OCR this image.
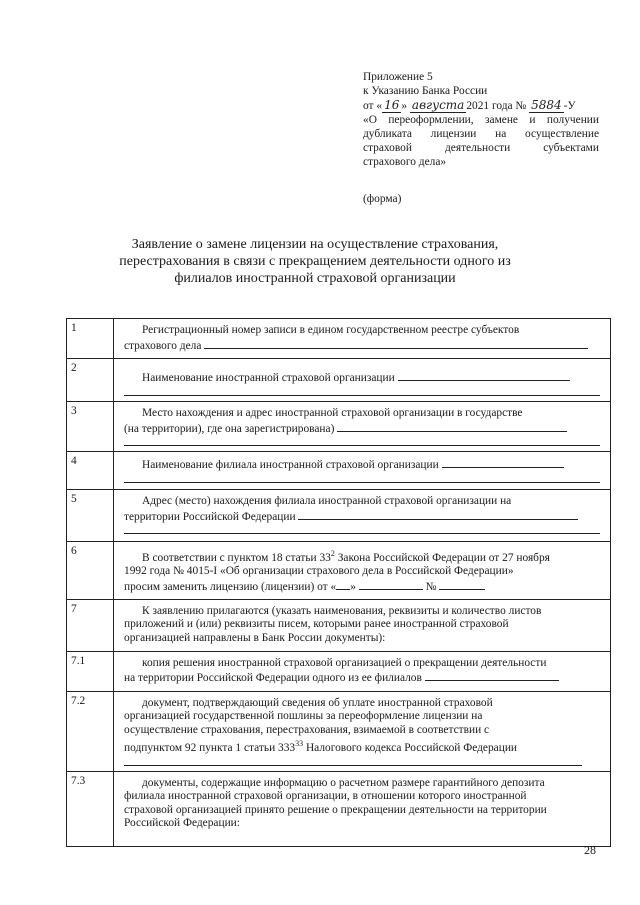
Приложение 5
к Указанию Банка России
от « 16 » августа 2021 года № 5884 -У
«О переоформлении, замене и получении
дубликата лицензии на осуществление
страховой деятельности субъектами
страхового дела»
(форма)
Заявление о замене лицензии на осуществление страхования,
перестрахования в связи с прекращением деятельности одного из
филиалов иностранной страховой организации
1	Регистрационный номер записи в едином государственном реестре субъектов
страхового дела

2	Наименование иностранной страховой организации

3	Место нахождения и адрес иностранной страховой организации в государстве
(на территории), где она зарегистрирована)

4	Наименование филиала иностранной страховой организации

5	Адрес (место) нахождения филиала иностранной страховой организации на
территории Российской Федерации

6	В соответствии с пунктом 18 статьи $33^2$ Закона Российской Федерации от 27 ноября
1992 года № 4015-I «Об организации страхового дела в Российской Федерации»
просим заменить лицензию (лицензии) от « » №

7	К заявлению прилагаются (указать наименования, реквизиты и количество листов
приложений и (или) реквизиты писем, которыми ранее иностранной страховой
организацией направлены в Банк России документы):

7.1	копия решения иностранной страховой организацией о прекращении деятельности
на территории Российской Федерации одного из ее филиалов

7.2	документ, подтверждающий сведения об уплате иностранной страховой
организацией государственной пошлины за переоформление лицензии на
осуществление страхования, перестрахования, взимаемой в соответствии с
подпунктом 92 пункта 1 статьи $333^{33}$ Налогового кодекса Российской Федерации

7.3	документы, содержащие информацию о расчетном размере гарантийного депозита
филиала иностранной страховой организации, в отношении которого иностранной
страховой организацией принято решение о прекращении деятельности на территории
Российской Федерации:
28
